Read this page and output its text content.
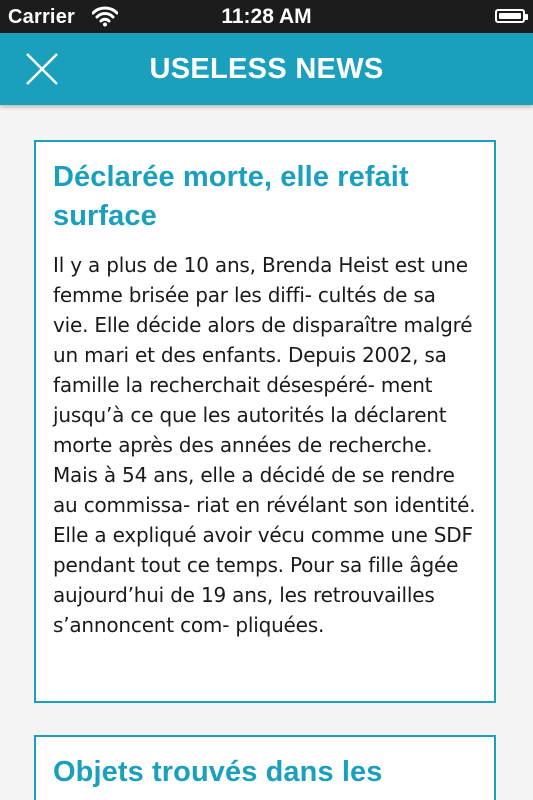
Carrier	11:28 AM
USELESS NEWS
Déclarée morte, elle refait surface

Il y a plus de 10 ans, Brenda Heist est une femme brisée par les diffi- cultés de sa vie. Elle décide alors de disparaître malgré un mari et des enfants. Depuis 2002, sa famille la recherchait désespéré- ment jusqu’à ce que les autorités la déclarent morte après des années de recherche. Mais à 54 ans, elle a décidé de se rendre au commissa- riat en révélant son identité. Elle a expliqué avoir vécu comme une SDF pendant tout ce temps. Pour sa fille âgée aujourd’hui de 19 ans, les retrouvailles s’annoncent com- pliquées.

Objets trouvés dans les
